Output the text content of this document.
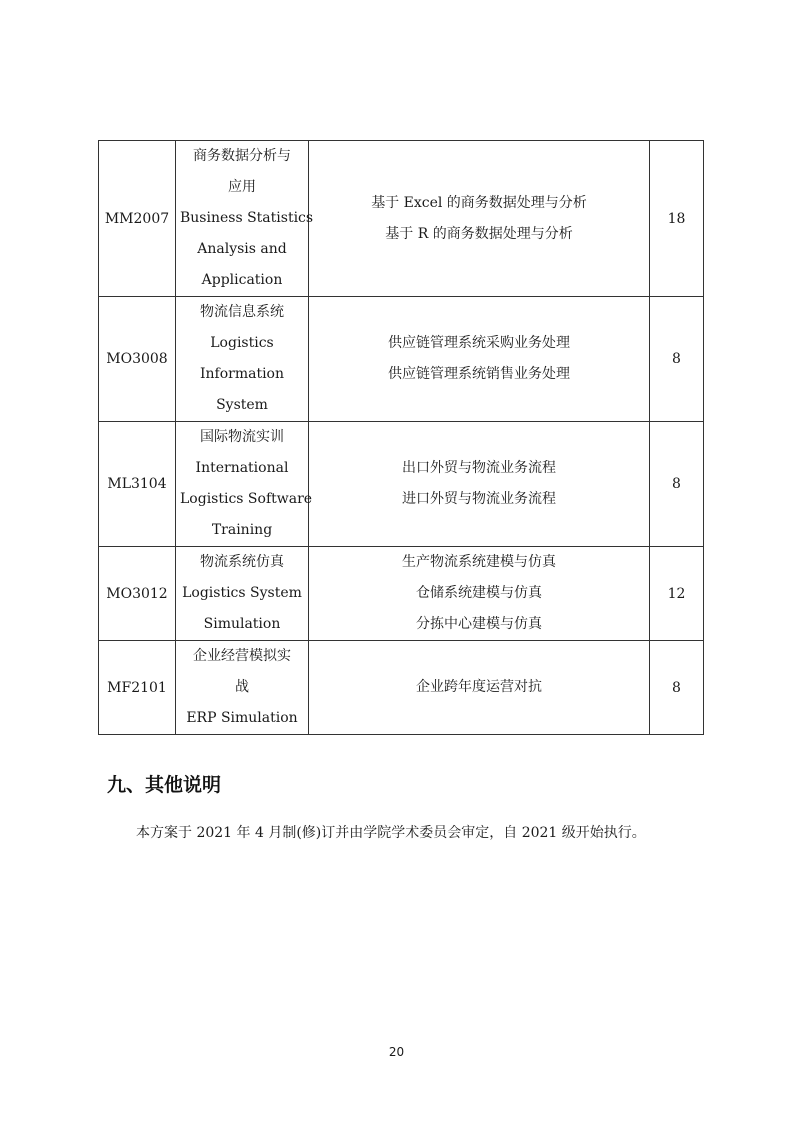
MM2007	商务数据分析与
应用
Business Statistics
Analysis and
Application	基于 Excel 的商务数据处理与分析
基于 R 的商务数据处理与分析	18
MO3008	物流信息系统
Logistics
Information
System	供应链管理系统采购业务处理
供应链管理系统销售业务处理	8
ML3104	国际物流实训
International
Logistics Software
Training	出口外贸与物流业务流程
进口外贸与物流业务流程	8
MO3012	物流系统仿真
Logistics System
Simulation	生产物流系统建模与仿真
仓储系统建模与仿真
分拣中心建模与仿真	12
MF2101	企业经营模拟实
战
ERP Simulation	企业跨年度运营对抗	8
九、其他说明

本方案于 2021 年 4 月制(修)订并由学院学术委员会审定，自 2021 级开始执行。

20
